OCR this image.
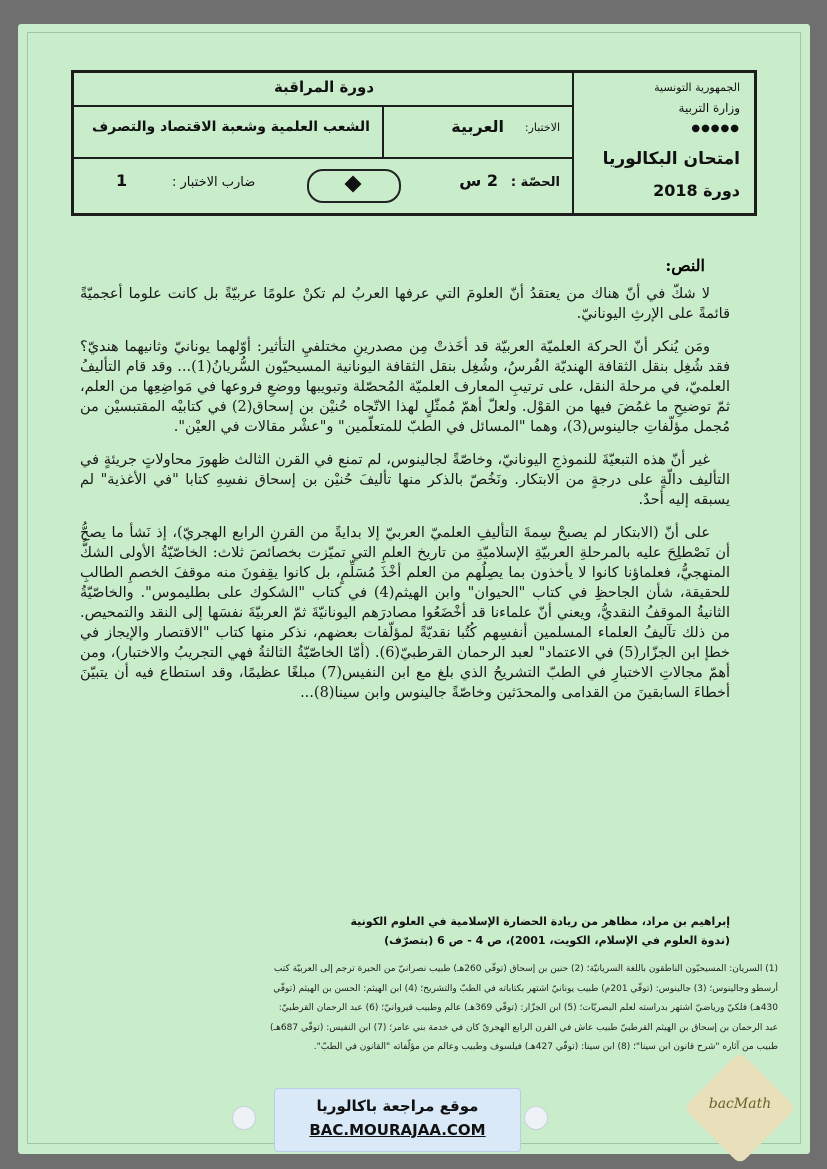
الجمهورية التونسية
وزارة التربية
●●●●●
امتحان البكالوريا
دورة 2018
دورة المراقبة
الاختبار:
العربية
الشعب العلمية وشعبة الاقتصاد والتصرف
الحصّة :
2 س
ضارب الاختبار :
1
النص:

لا شكّ في أنّ هناك من يعتقدُ أنّ العلومَ التي عرفها العربُ لم تكنْ علومًا عربيّةً بل كانت علوما أعجميّةً قائمةً على الإرثِ اليونانيّ.

ومَن يُنكر أنّ الحركة العلميّة العربيّة قد أخَذتْ مِن مصدرينِ مختلفيِ التأثير: أوّلهما يونانيّ وثانيهما هنديّ؟ فقد شُغِل بنقل الثقافة الهنديّة الفُرسُ، وشُغِل بنقل الثقافة اليونانية المسيحيّون السُّريانُ(1)... وقد قام التأليفُ العلميّ، في مرحلة النقل، على ترتيبِ المعارف العلميّة المُحصّلة وتبويبها ووضعِ فروعها في مَواضِعِها من العلم، ثمّ توضيحِ ما غمُضَ فيها من القوْل. ولعلّ أهمّ مُمثّلٍ لهذا الاتّجاه حُنيْن بن إسحاق(2) في كتابيْه المقتبسيْن من مُجمل مؤلّفاتِ جالينوس(3)، وهما "المسائل في الطبّ للمتعلّمين" و"عشْر مقالات في العيْن".

غير أنّ هذه التبعيّةَ للنموذجِ اليونانيّ، وخاصّةً لجالينوس، لم تمنع في القرن الثالث ظهورَ محاولاتٍ جريئةٍ في التأليف دالّةٍ على درجةٍ من الابتكار. ونَخُصّ بالذكر منها تأليفَ حُنيْن بن إسحاق نفسِهِ كتابا "في الأغذية" لم يسبقه إليه أحدٌ.

على أنّ (الابتكار لم يصبحْ سِمةَ التأليفِ العلميّ العربيّ إلا بدايةً من القرنِ الرابع الهجريّ)، إذ نَشأ ما يصحُّ أن نَصْطلِحَ عليه بالمرحلةِ العربيّةِ الإسلاميّةِ من تاريخ العلمِ التي تميّزت بخصائصَ ثلاث: الخاصّيّةُ الأولى الشكُّ المنهجيُّ، فعلماؤنا كانوا لا يأخذون بما يصِلُهم من العلم أخْذَ مُسَلِّمٍ، بل كانوا يقِفونَ منه موقفَ الخصمِ الطالبِ للحقيقة، شأن الجاحظِ في كتاب "الحيوان" وابن الهيثم(4) في كتاب "الشكوك على بطليموس". والخاصّيّةُ الثانيةُ الموقفُ النقديُّ، ويعني أنّ علماءنا قد أخْضَعُوا مصادرَهم اليونانيّةَ ثمّ العربيّةَ نفسَها إلى النقد والتمحيص. من ذلك تآليفُ العلماء المسلمين أنفسِهم كُتُبا نقديّةً لمؤلّفات بعضهم، نذكر منها كتاب "الاقتصار والإيجاز في خطإ ابن الجزّار(5) في الاعتماد" لعبد الرحمان القرطبيّ(6). (أمّا الخاصّيّةُ الثالثةُ فهي التجريبُ والاختبار)، ومن أهمّ مجالاتِ الاختبارِ في الطبّ التشريحُ الذي بلغ مع ابن النفيس(7) مبلغًا عظيمًا، وقد استطاع فيه أن يتبيّنَ أخطاءَ السابقينَ من القدامى والمحدَثين وخاصّةً جالينوس وابن سينا(8)...

إبراهيم بن مراد، مظاهر من ريادة الحضارة الإسلامية في العلوم الكونية
(ندوة العلوم في الإسلام، الكويت، 2001)، ص 4 - ص 6 (بتصرّف)
(1) السريان: المسيحيّون الناطقون باللغة السريانيّة؛ (2) حنين بن إسحاق (توفّي 260هـ) طبيب نصرانيّ من الحيرة ترجم إلى العربيّة كتب
أرسطو وجالينوس؛ (3) جالينوس: (توفّي 201م) طبيب يونانيّ اشتهر بكتاباته في الطبّ والتشريح؛ (4) ابن الهيثم: الحسن بن الهيثم (توفّي
430هـ) فلكيّ ورياضيّ اشتهر بدراسته لعلم البصريّات؛ (5) ابن الجزّار: (توفّي 369هـ) عالم وطبيب قيروانيّ؛ (6) عبد الرحمان القرطبيّ:
عبد الرحمان بن إسحاق بن الهيثم القرطبيّ طبيب عاش في القرن الرابع الهجريّ كان في خدمة بني عامر؛ (7) ابن النفيس: (توفّي 687هـ)
طبيب من آثاره "شرح قانون ابن سينا"؛ (8) ابن سينا: (توفّي 427هـ) فيلسوف وطبيب وعالم من مؤلّفاته "القانون في الطبّ".
موقع مراجعة باكالوريا
BAC.MOURAJAA.COM
bacMath
